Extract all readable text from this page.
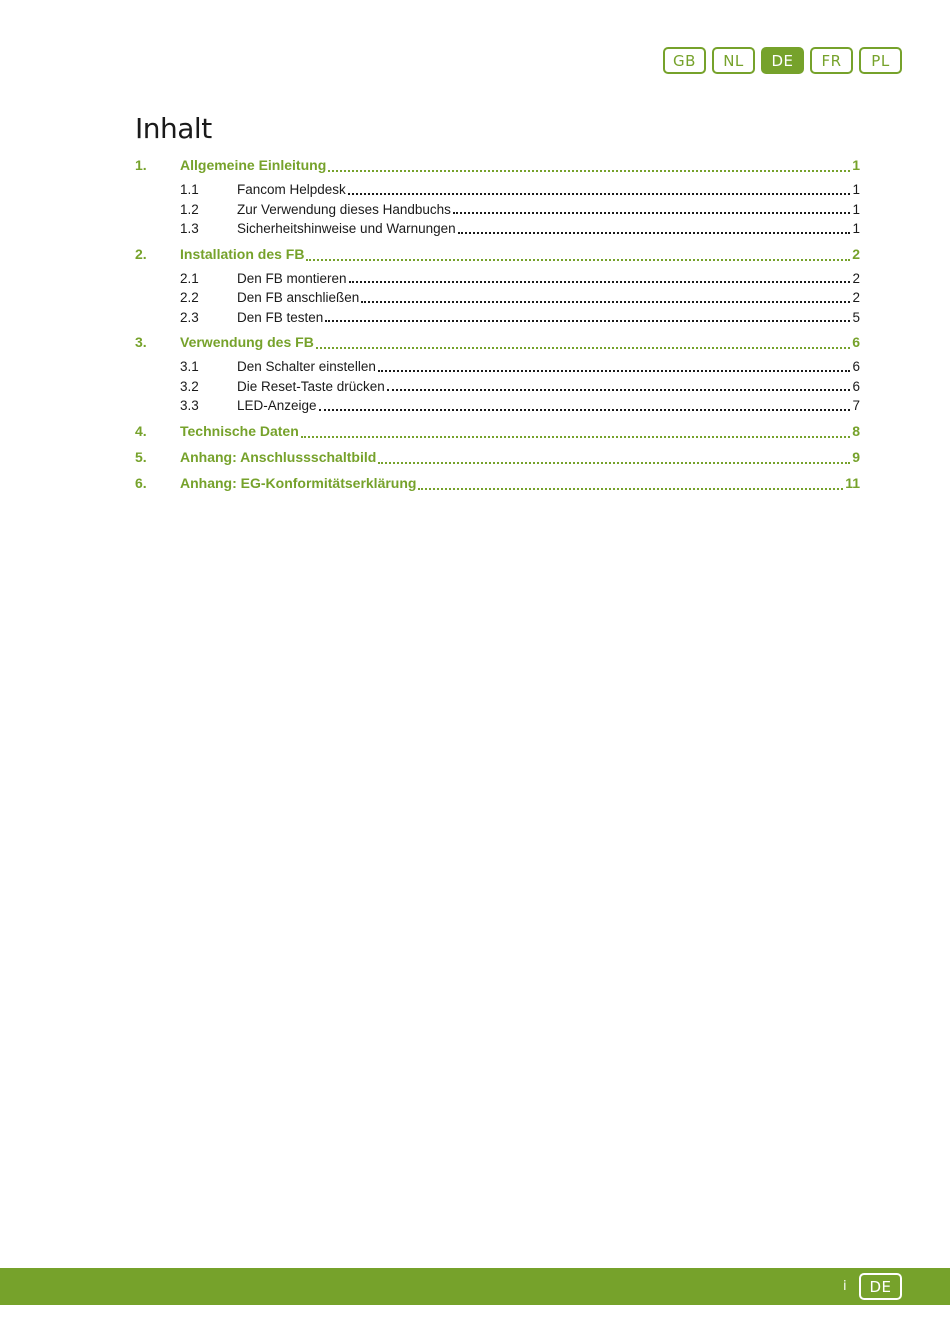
GB	NL	DE	FR	PL
Inhalt
1.	Allgemeine Einleitung	1
1.1	Fancom Helpdesk	1
1.2	Zur Verwendung dieses Handbuchs	1
1.3	Sicherheitshinweise und Warnungen	1
2.	Installation des FB	2
2.1	Den FB montieren	2
2.2	Den FB anschließen	2
2.3	Den FB testen	5
3.	Verwendung des FB	6
3.1	Den Schalter einstellen	6
3.2	Die Reset-Taste drücken	6
3.3	LED-Anzeige	7
4.	Technische Daten	8
5.	Anhang: Anschlussschaltbild	9
6.	Anhang: EG-Konformitätserklärung	11
i	DE
